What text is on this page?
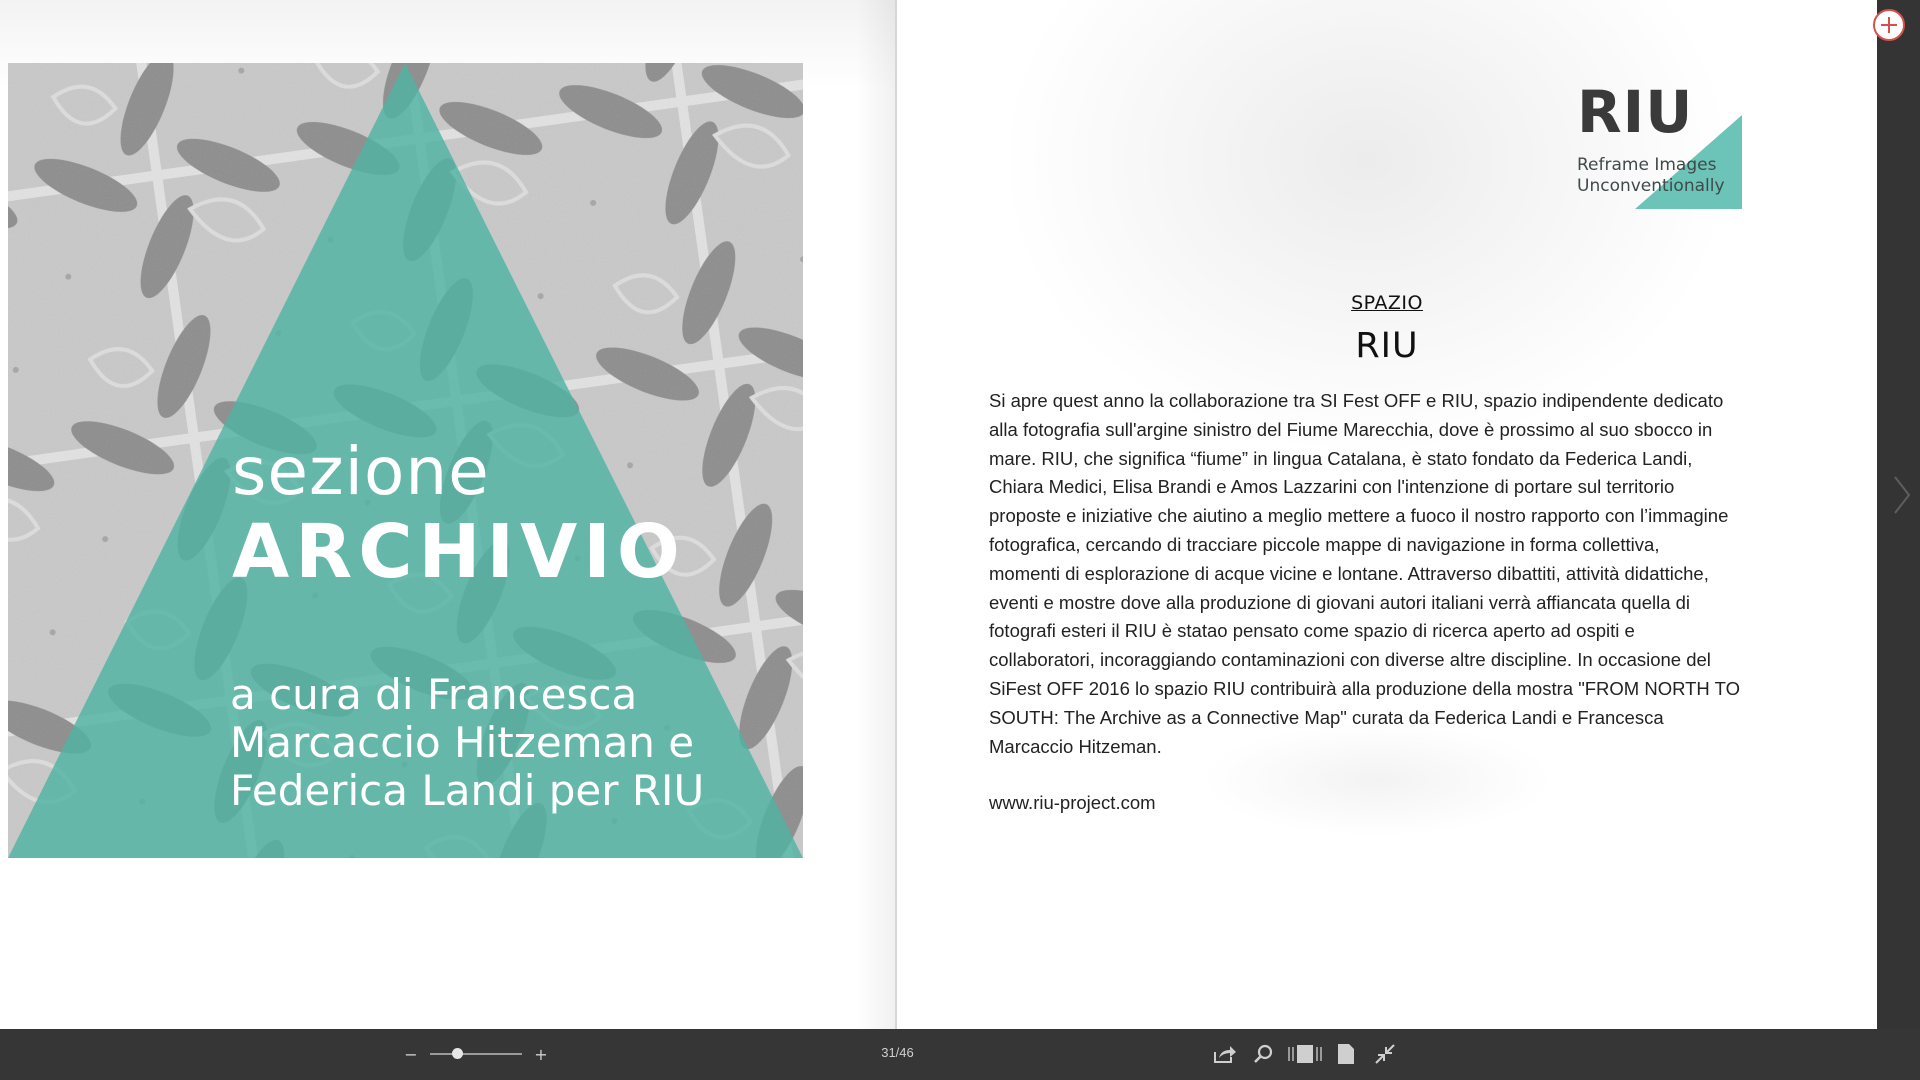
sezione
ARCHIVIO
a cura di Francesca
Marcaccio Hitzeman e
Federica Landi per RIU
RIU
Reframe Images
Unconventionally
SPAZIO
RIU
Si apre quest anno la collaborazione tra SI Fest OFF e RIU, spazio indipendente dedicato
alla fotografia sull'argine sinistro del Fiume Marecchia, dove è prossimo al suo sbocco in
mare. RIU, che significa “fiume” in lingua Catalana, è stato fondato da Federica Landi,
Chiara Medici, Elisa Brandi e Amos Lazzarini con l'intenzione di portare sul territorio
proposte e iniziative che aiutino a meglio mettere a fuoco il nostro rapporto con l’immagine
fotografica, cercando di tracciare piccole mappe di navigazione in forma collettiva,
momenti di esplorazione di acque vicine e lontane. Attraverso dibattiti, attività didattiche,
eventi e mostre dove alla produzione di giovani autori italiani verrà affiancata quella di
fotografi esteri il RIU è statao pensato come spazio di ricerca aperto ad ospiti e
collaboratori, incoraggiando contaminazioni con diverse altre discipline. In occasione del
SiFest OFF 2016 lo spazio RIU contribuirà alla produzione della mostra "FROM NORTH TO
SOUTH: The Archive as a Connective Map" curata da Federica Landi e Francesca
Marcaccio Hitzeman.
www.riu-project.com
−	+	31/46
